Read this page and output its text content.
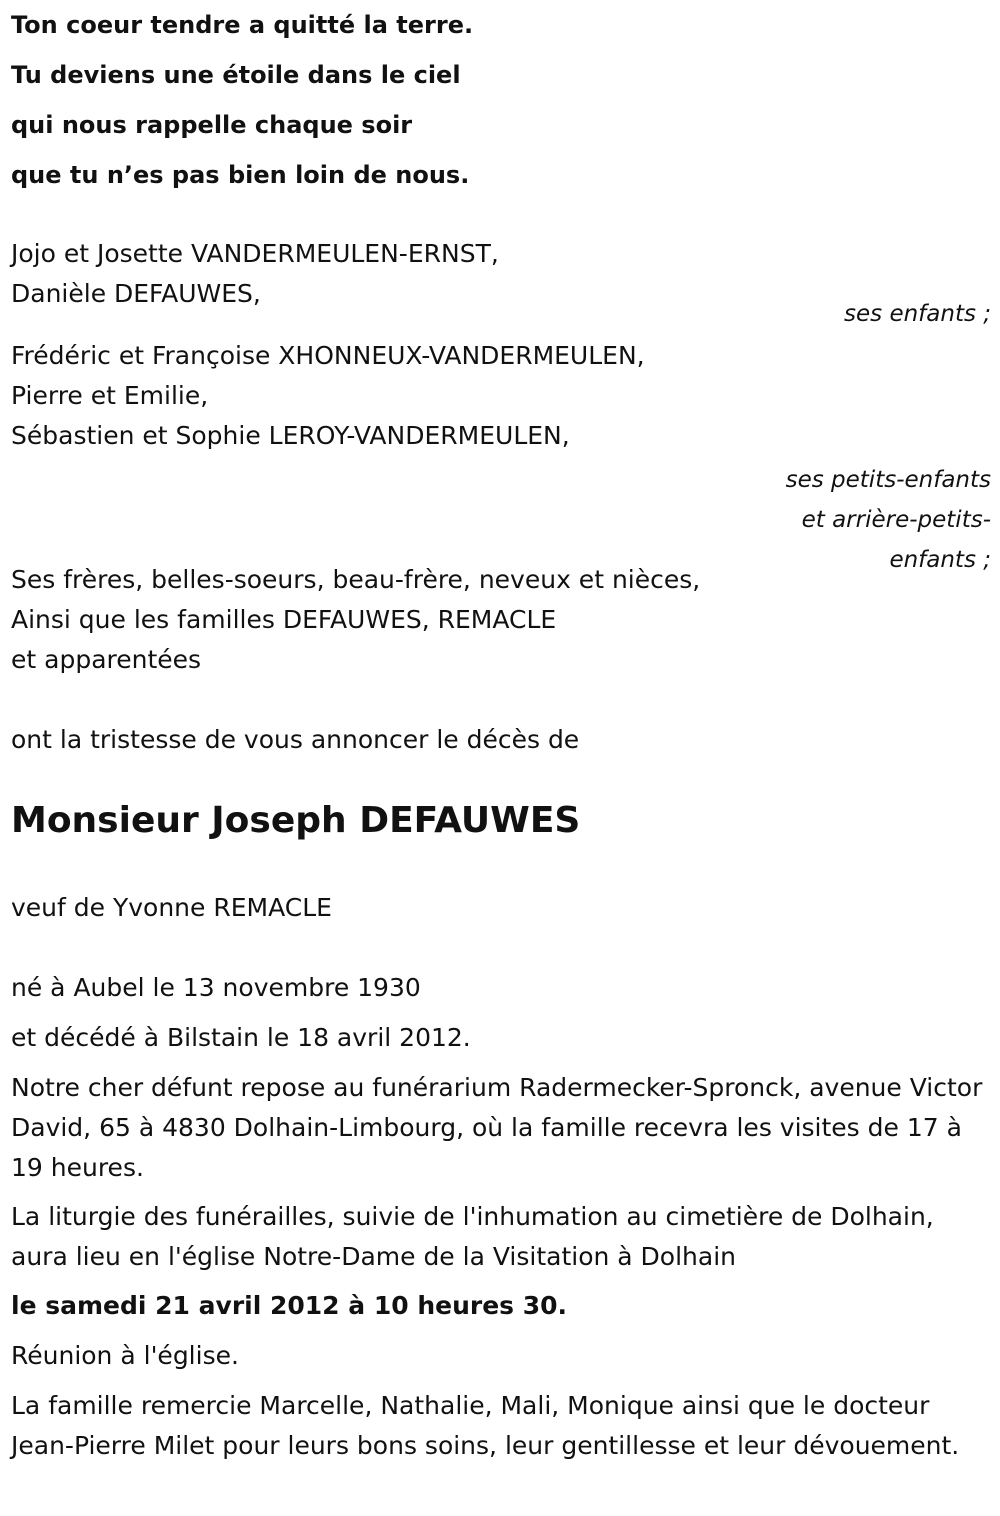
Ton coeur tendre a quitté la terre.
Tu deviens une étoile dans le ciel
qui nous rappelle chaque soir
que tu n’es pas bien loin de nous.
Jojo et Josette VANDERMEULEN-ERNST,
Danièle DEFAUWES,
ses enfants ;
Frédéric et Françoise XHONNEUX-VANDERMEULEN,
Pierre et Emilie,
Sébastien et Sophie LEROY-VANDERMEULEN,
ses petits-enfants
et arrière-petits-
enfants ;
Ses frères, belles-soeurs, beau-frère, neveux et nièces,
Ainsi que les familles DEFAUWES, REMACLE
et apparentées
ont la tristesse de vous annoncer le décès de
Monsieur Joseph DEFAUWES
veuf de Yvonne REMACLE
né à Aubel le 13 novembre 1930
et décédé à Bilstain le 18 avril 2012.
Notre cher défunt repose au funérarium Radermecker-Spronck, avenue Victor David, 65 à 4830 Dolhain-Limbourg, où la famille recevra les visites de 17 à 19 heures.
La liturgie des funérailles, suivie de l'inhumation au cimetière de Dolhain, aura lieu en l'église Notre-Dame de la Visitation à Dolhain
le samedi 21 avril 2012 à 10 heures 30.
Réunion à l'église.
La famille remercie Marcelle, Nathalie, Mali, Monique ainsi que le docteur Jean-Pierre Milet pour leurs bons soins, leur gentillesse et leur dévouement.
